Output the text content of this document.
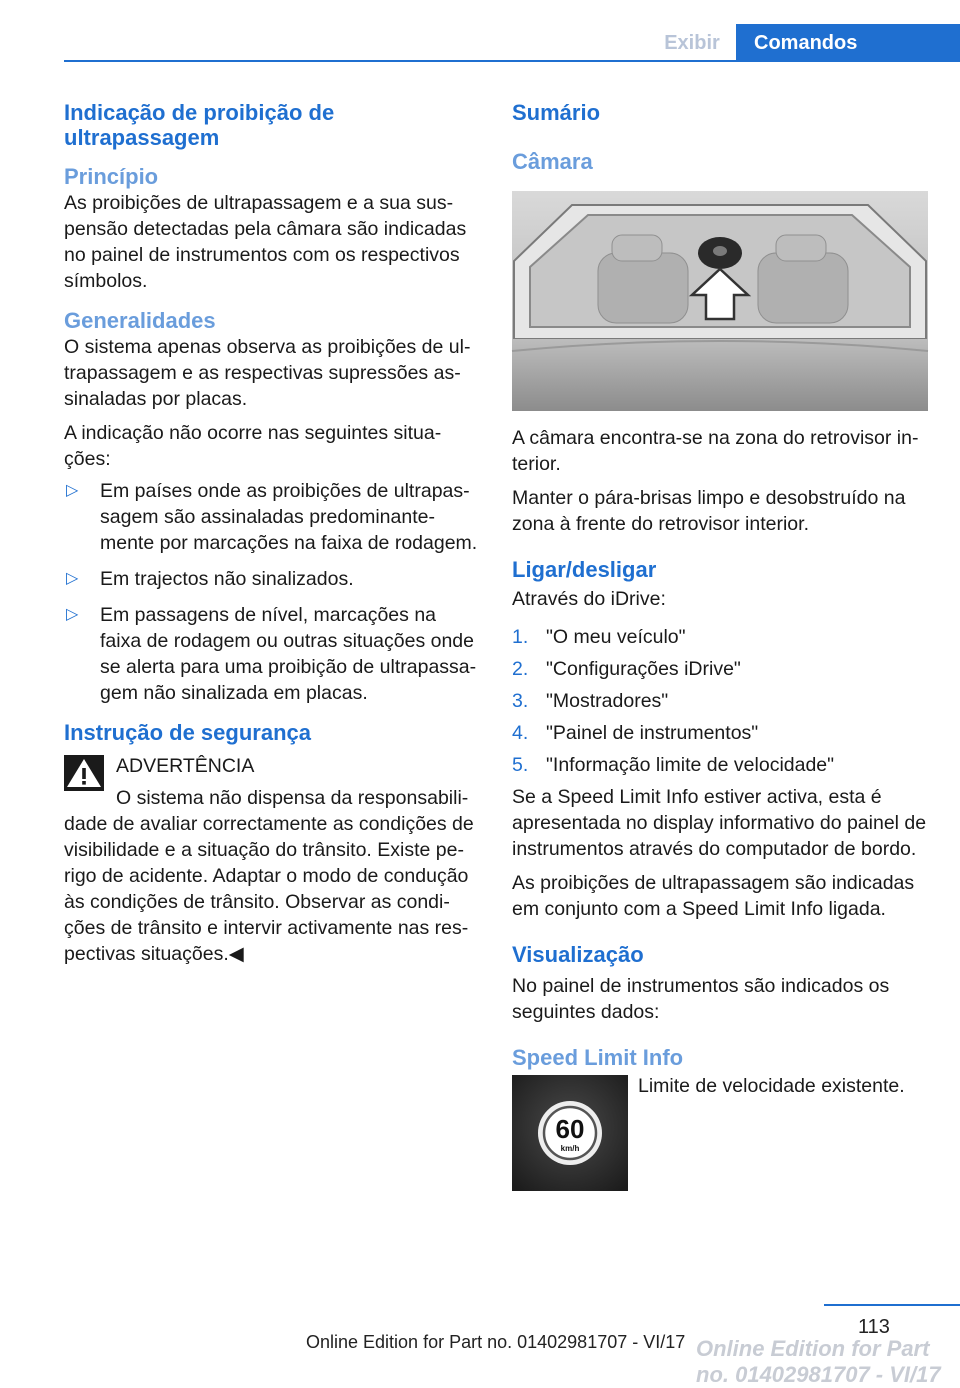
Exibir	Comandos
Indicação de proibição de ultrapassagem
Princípio

As proibições de ultrapassagem e a sua sus-pensão detectadas pela câmara são indicadas no painel de instrumentos com os respectivos símbolos.

Generalidades

O sistema apenas observa as proibições de ul-trapassagem e as respectivas supressões as-sinaladas por placas.

A indicação não ocorre nas seguintes situa-ções:

▷ Em países onde as proibições de ultrapas-sagem são assinaladas predominante-mente por marcações na faixa de rodagem.
▷ Em trajectos não sinalizados.
▷ Em passagens de nível, marcações na faixa de rodagem ou outras situações onde se alerta para uma proibição de ultrapassa-gem não sinalizada em placas.
Instrução de segurança

ADVERTÊNCIA

O sistema não dispensa da responsabili-dade de avaliar correctamente as condições de visibilidade e a situação do trânsito. Existe pe-rigo de acidente. Adaptar o modo de condução às condições de trânsito. Observar as condi-ções de trânsito e intervir activamente nas res-pectivas situações.◀

Sumário
Câmara

A câmara encontra-se na zona do retrovisor in-terior.

Manter o pára-brisas limpo e desobstruído na zona à frente do retrovisor interior.

Ligar/desligar

Através do iDrive:

1. "O meu veículo"
2. "Configurações iDrive"
3. "Mostradores"
4. "Painel de instrumentos"
5. "Informação limite de velocidade"

Se a Speed Limit Info estiver activa, esta é apresentada no display informativo do painel de instrumentos através do computador de bordo.

As proibições de ultrapassagem são indicadas em conjunto com a Speed Limit Info ligada.

Visualização

No painel de instrumentos são indicados os seguintes dados:

Speed Limit Info
60
km/h

Limite de velocidade existente.

113
Online Edition for Part no. 01402981707 - VI/17 Online Edition for Part no. 01402981707 - VI/17
